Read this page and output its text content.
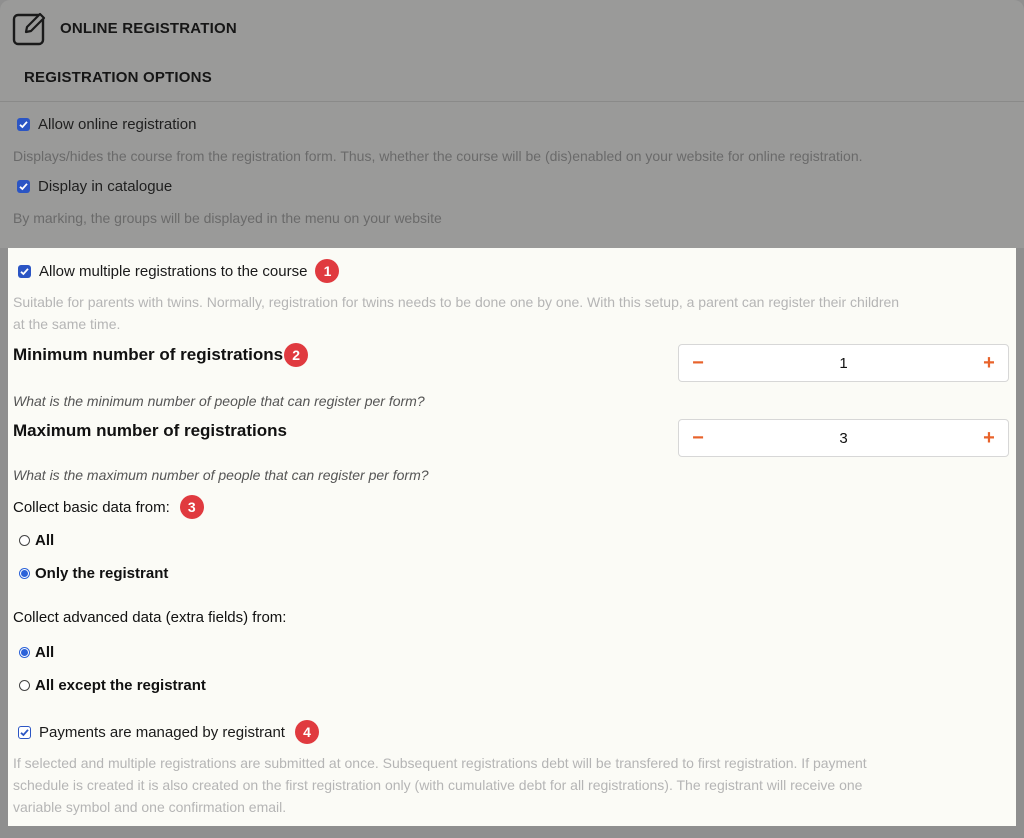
ONLINE REGISTRATION
REGISTRATION OPTIONS
Allow online registration
Displays/hides the course from the registration form. Thus, whether the course will be (dis)enabled on your website for online registration.
Display in catalogue
By marking, the groups will be displayed in the menu on your website
Allow multiple registrations to the course	1
Suitable for parents with twins. Normally, registration for twins needs to be done one by one. With this setup, a parent can register their children
at the same time.
Minimum number of registrations 2	−	1	+
What is the minimum number of people that can register per form?
Maximum number of registrations	−	3	+
What is the maximum number of people that can register per form?
Collect basic data from:	3
All
Only the registrant
Collect advanced data (extra fields) from:
All
All except the registrant
Payments are managed by registrant	4
If selected and multiple registrations are submitted at once. Subsequent registrations debt will be transfered to first registration. If payment
schedule is created it is also created on the first registration only (with cumulative debt for all registrations). The registrant will receive one
variable symbol and one confirmation email.
